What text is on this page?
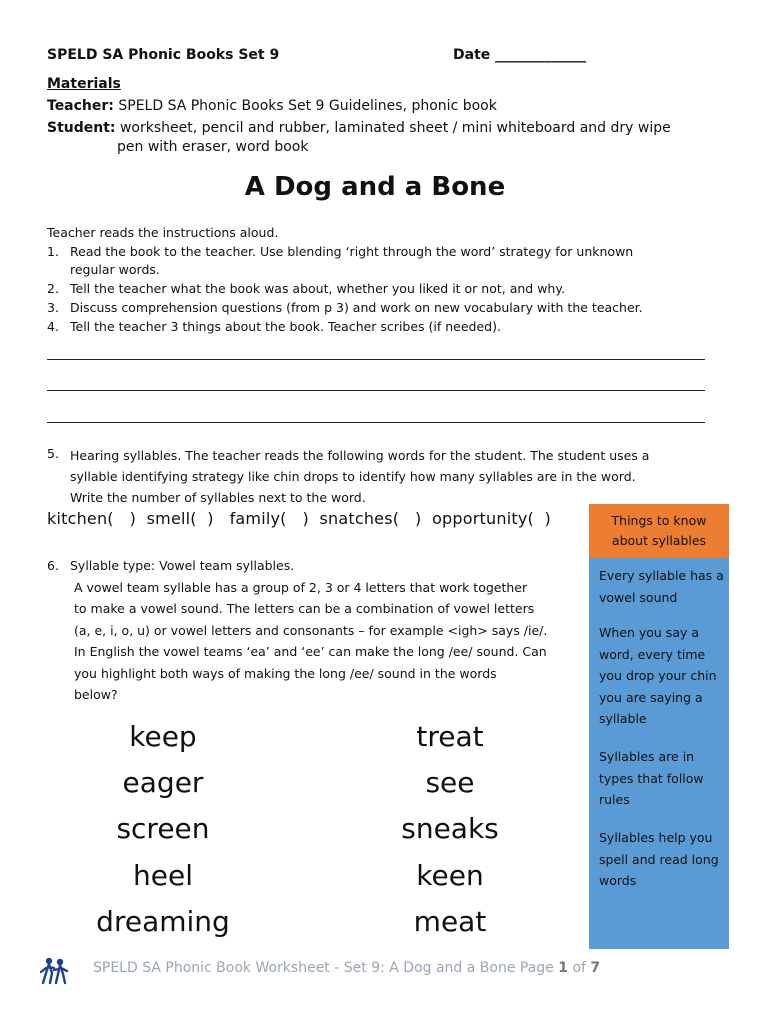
SPELD SA Phonic Books Set 9	Date _____________
Materials
Teacher: SPELD SA Phonic Books Set 9 Guidelines, phonic book
Student: worksheet, pencil and rubber, laminated sheet / mini whiteboard and dry wipe
pen with eraser, word book
A Dog and a Bone
Teacher reads the instructions aloud.
1. Read the book to the teacher. Use blending ‘right through the word’ strategy for unknown
regular words.
2. Tell the teacher what the book was about, whether you liked it or not, and why.
3. Discuss comprehension questions (from p 3) and work on new vocabulary with the teacher.
4. Tell the teacher 3 things about the book. Teacher scribes (if needed).
5. Hearing syllables. The teacher reads the following words for the student. The student uses a
syllable identifying strategy like chin drops to identify how many syllables are in the word.
Write the number of syllables next to the word.
kitchen(   )  smell(  )   family(   )  snatches(   )  opportunity(  )
6. Syllable type: Vowel team syllables.
A vowel team syllable has a group of 2, 3 or 4 letters that work together
to make a vowel sound. The letters can be a combination of vowel letters
(a, e, i, o, u) or vowel letters and consonants – for example <igh> says /ie/.
In English the vowel teams ‘ea’ and ‘ee’ can make the long /ee/ sound. Can
you highlight both ways of making the long /ee/ sound in the words
below?
keep
eager
screen
heel
dreaming
treat
see
sneaks
keen
meat
Things to know
about syllables
Every syllable has a vowel sound
When you say a word, every time you drop your chin you are saying a syllable
Syllables are in types that follow rules
Syllables help you spell and read long words
SPELD SA Phonic Book Worksheet - Set 9: A Dog and a Bone Page 1 of 7
